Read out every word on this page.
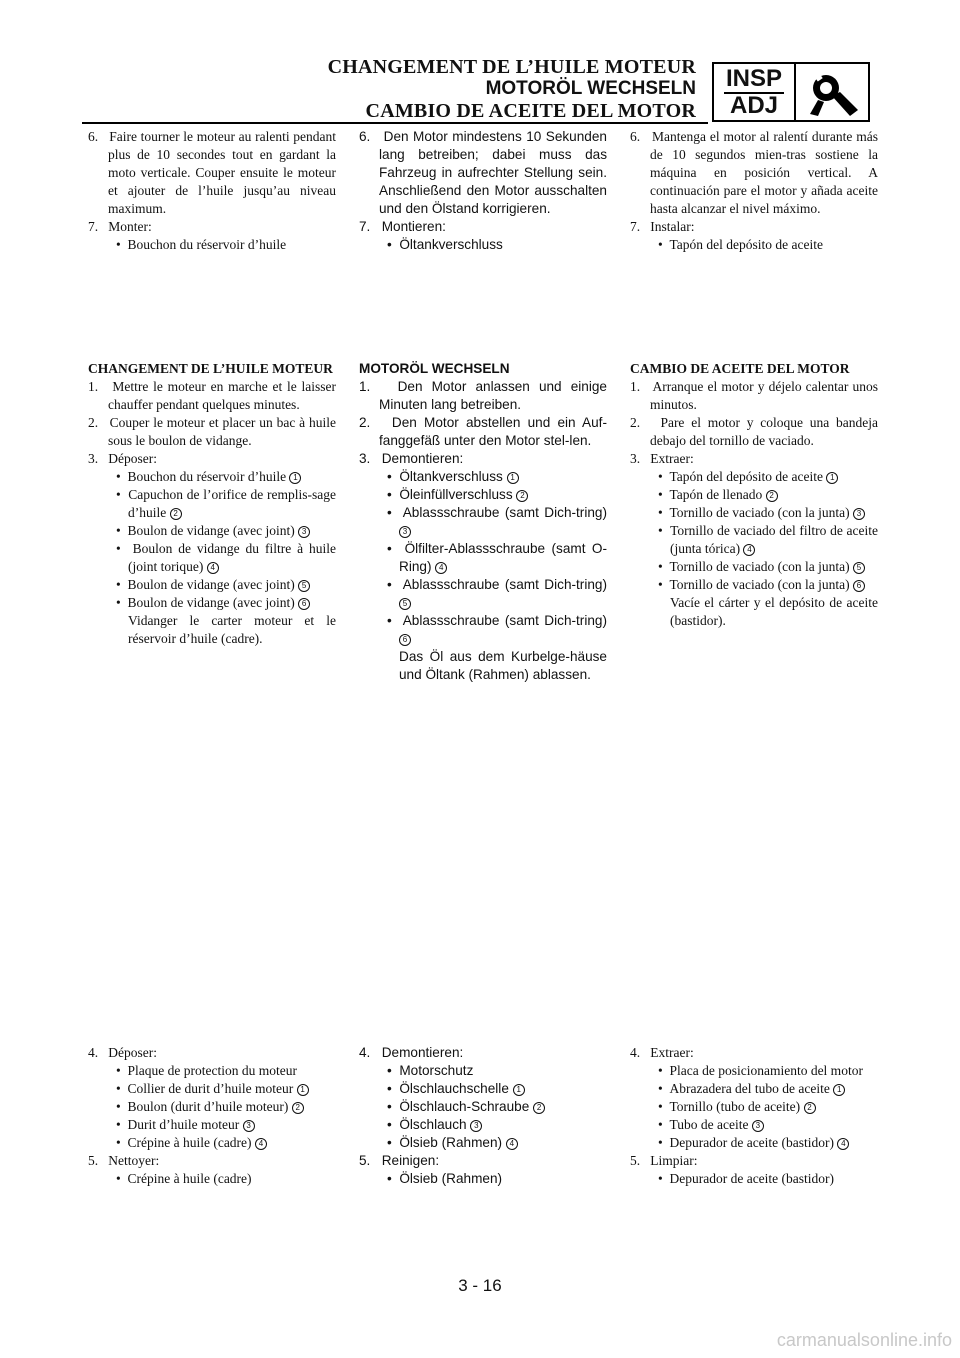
CHANGEMENT DE L’HUILE MOTEUR
MOTORÖL WECHSELN
CAMBIO DE ACEITE DEL MOTOR
INSP
ADJ

6. Faire tourner le moteur au ralenti pendant plus de 10 secondes tout en gardant la moto verticale. Couper ensuite le moteur et ajouter de l’huile jusqu’au niveau maximum.

7. Monter:

• Bouchon du réservoir d’huile

CHANGEMENT DE L’HUILE MOTEUR

1. Mettre le moteur en marche et le laisser chauffer pendant quelques minutes.

2. Couper le moteur et placer un bac à huile sous le boulon de vidange.

3. Déposer:

• Bouchon du réservoir d’huile 1

• Capuchon de l’orifice de remplis-sage d’huile 2

• Boulon de vidange (avec joint) 3

• Boulon de vidange du filtre à huile (joint torique) 4

• Boulon de vidange (avec joint) 5

• Boulon de vidange (avec joint) 6

Vidanger le carter moteur et le réservoir d’huile (cadre).

4. Déposer:

• Plaque de protection du moteur

• Collier de durit d’huile moteur 1

• Boulon (durit d’huile moteur) 2

• Durit d’huile moteur 3

• Crépine à huile (cadre) 4

5. Nettoyer:

• Crépine à huile (cadre)

6. Den Motor mindestens 10 Sekunden lang betreiben; dabei muss das Fahrzeug in aufrechter Stellung sein. Anschließend den Motor ausschalten und den Ölstand korrigieren.

7. Montieren:

• Öltankverschluss

MOTORÖL WECHSELN

1. Den Motor anlassen und einige Minuten lang betreiben.

2. Den Motor abstellen und ein Auf-fanggefäß unter den Motor stel-len.

3. Demontieren:

• Öltankverschluss 1

• Öleinfüllverschluss 2

• Ablassschraube (samt Dich-tring) 3

• Ölfilter-Ablassschraube (samt O-Ring) 4

• Ablassschraube (samt Dich-tring) 5

• Ablassschraube (samt Dich-tring) 6

Das Öl aus dem Kurbelge-häuse und Öltank (Rahmen) ablassen.

4. Demontieren:

• Motorschutz

• Ölschlauchschelle 1

• Ölschlauch-Schraube 2

• Ölschlauch 3

• Ölsieb (Rahmen) 4

5. Reinigen:

• Ölsieb (Rahmen)

6. Mantenga el motor al ralentí durante más de 10 segundos mien-tras sostiene la máquina en posición vertical. A continuación pare el motor y añada aceite hasta alcanzar el nivel máximo.

7. Instalar:

• Tapón del depósito de aceite

CAMBIO DE ACEITE DEL MOTOR

1. Arranque el motor y déjelo calentar unos minutos.

2. Pare el motor y coloque una bandeja debajo del tornillo de vaciado.

3. Extraer:

• Tapón del depósito de aceite 1

• Tapón de llenado 2

• Tornillo de vaciado (con la junta) 3

• Tornillo de vaciado del filtro de aceite (junta tórica) 4

• Tornillo de vaciado (con la junta) 5

• Tornillo de vaciado (con la junta) 6

Vacíe el cárter y el depósito de aceite (bastidor).

4. Extraer:

• Placa de posicionamiento del motor

• Abrazadera del tubo de aceite 1

• Tornillo (tubo de aceite) 2

• Tubo de aceite 3

• Depurador de aceite (bastidor) 4

5. Limpiar:

• Depurador de aceite (bastidor)

3 - 16
carmanualsonline.info
